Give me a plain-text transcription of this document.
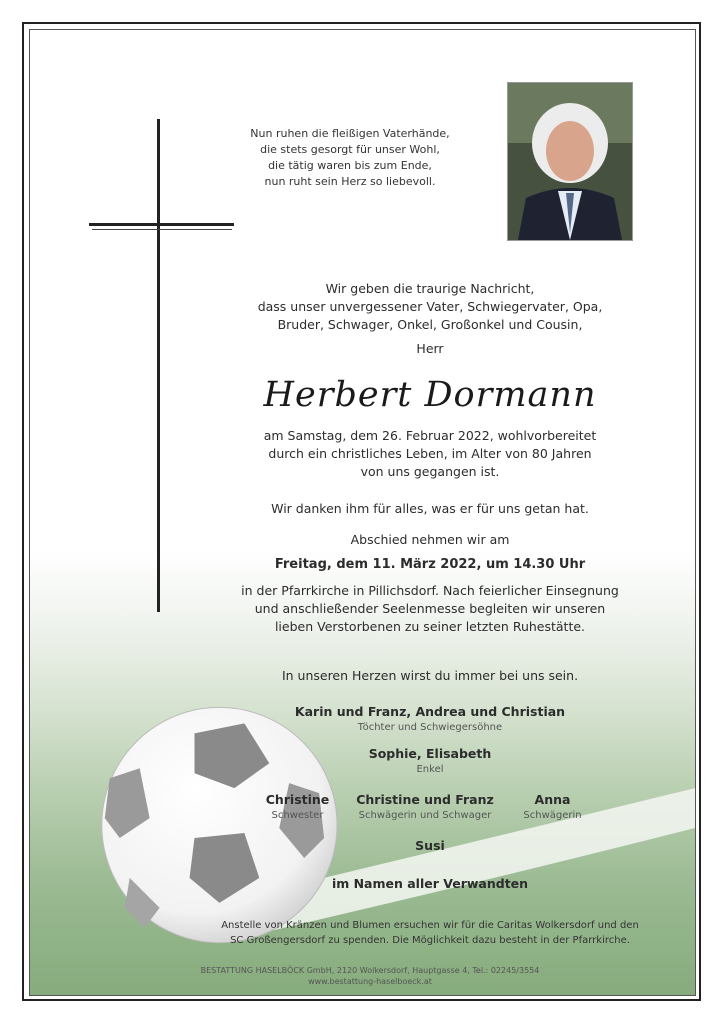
Nun ruhen die fleißigen Vaterhände,
die stets gesorgt für unser Wohl,
die tätig waren bis zum Ende,
nun ruht sein Herz so liebevoll.
Wir geben die traurige Nachricht,
dass unser unvergessener Vater, Schwiegervater, Opa,
Bruder, Schwager, Onkel, Großonkel und Cousin,
Herr
Herbert Dormann
am Samstag, dem 26. Februar 2022, wohlvorbereitet
durch ein christliches Leben, im Alter von 80 Jahren
von uns gegangen ist.
Wir danken ihm für alles, was er für uns getan hat.
Abschied nehmen wir am
Freitag, dem 11. März 2022, um 14.30 Uhr
in der Pfarrkirche in Pillichsdorf. Nach feierlicher Einsegnung
und anschließender Seelenmesse begleiten wir unseren
lieben Verstorbenen zu seiner letzten Ruhestätte.
In unseren Herzen wirst du immer bei uns sein.
Karin und Franz, Andrea und Christian
Töchter und Schwiegersöhne
Sophie, Elisabeth
Enkel
Christine
Schwester
Christine und Franz
Schwägerin und Schwager
Anna
Schwägerin
Susi
im Namen aller Verwandten
Anstelle von Kränzen und Blumen ersuchen wir für die Caritas Wolkersdorf und den
SC Großengersdorf zu spenden. Die Möglichkeit dazu besteht in der Pfarrkirche.
BESTATTUNG HASELBÖCK GmbH, 2120 Wolkersdorf, Hauptgasse 4, Tel.: 02245/3554
www.bestattung-haselboeck.at
